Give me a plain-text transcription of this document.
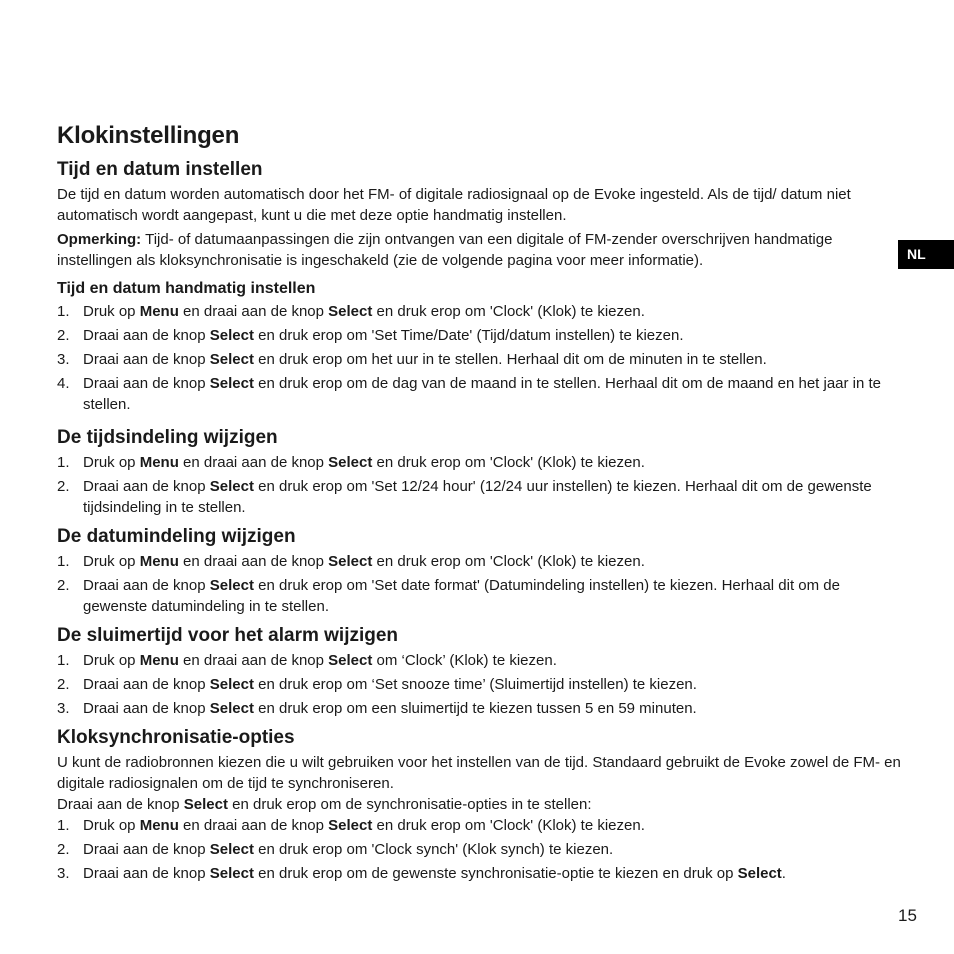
NL
Klokinstellingen
Tijd en datum instellen

De tijd en datum worden automatisch door het FM- of digitale radiosignaal op de Evoke ingesteld. Als de tijd/ datum niet automatisch wordt aangepast, kunt u die met deze optie handmatig instellen.

Opmerking: Tijd- of datumaanpassingen die zijn ontvangen van een digitale of FM-zender overschrijven handmatige instellingen als kloksynchronisatie is ingeschakeld (zie de volgende pagina voor meer informatie).

Tijd en datum handmatig instellen
1. Druk op Menu en draai aan de knop Select en druk erop om 'Clock' (Klok) te kiezen.
2. Draai aan de knop Select en druk erop om 'Set Time/Date' (Tijd/datum instellen) te kiezen.
3. Draai aan de knop Select en druk erop om het uur in te stellen. Herhaal dit om de minuten in te stellen.
4. Draai aan de knop Select en druk erop om de dag van de maand in te stellen. Herhaal dit om de maand en het jaar in te stellen.
De tijdsindeling wijzigen
1. Druk op Menu en draai aan de knop Select en druk erop om 'Clock' (Klok) te kiezen.
2. Draai aan de knop Select en druk erop om 'Set 12/24 hour' (12/24 uur instellen) te kiezen. Herhaal dit om de gewenste tijdsindeling in te stellen.
De datumindeling wijzigen
1. Druk op Menu en draai aan de knop Select en druk erop om 'Clock' (Klok) te kiezen.
2. Draai aan de knop Select en druk erop om 'Set date format' (Datumindeling instellen) te kiezen. Herhaal dit om de gewenste datumindeling in te stellen.
De sluimertijd voor het alarm wijzigen
1. Druk op Menu en draai aan de knop Select om ‘Clock’ (Klok) te kiezen.
2. Draai aan de knop Select en druk erop om ‘Set snooze time’ (Sluimertijd instellen) te kiezen.
3. Draai aan de knop Select en druk erop om een sluimertijd te kiezen tussen 5 en 59 minuten.
Kloksynchronisatie-opties

U kunt de radiobronnen kiezen die u wilt gebruiken voor het instellen van de tijd. Standaard gebruikt de Evoke zowel de FM- en digitale radiosignalen om de tijd te synchroniseren.

Draai aan de knop Select en druk erop om de synchronisatie-opties in te stellen:

1. Druk op Menu en draai aan de knop Select en druk erop om 'Clock' (Klok) te kiezen.
2. Draai aan de knop Select en druk erop om 'Clock synch' (Klok synch) te kiezen.
3. Draai aan de knop Select en druk erop om de gewenste synchronisatie-optie te kiezen en druk op Select.
15
